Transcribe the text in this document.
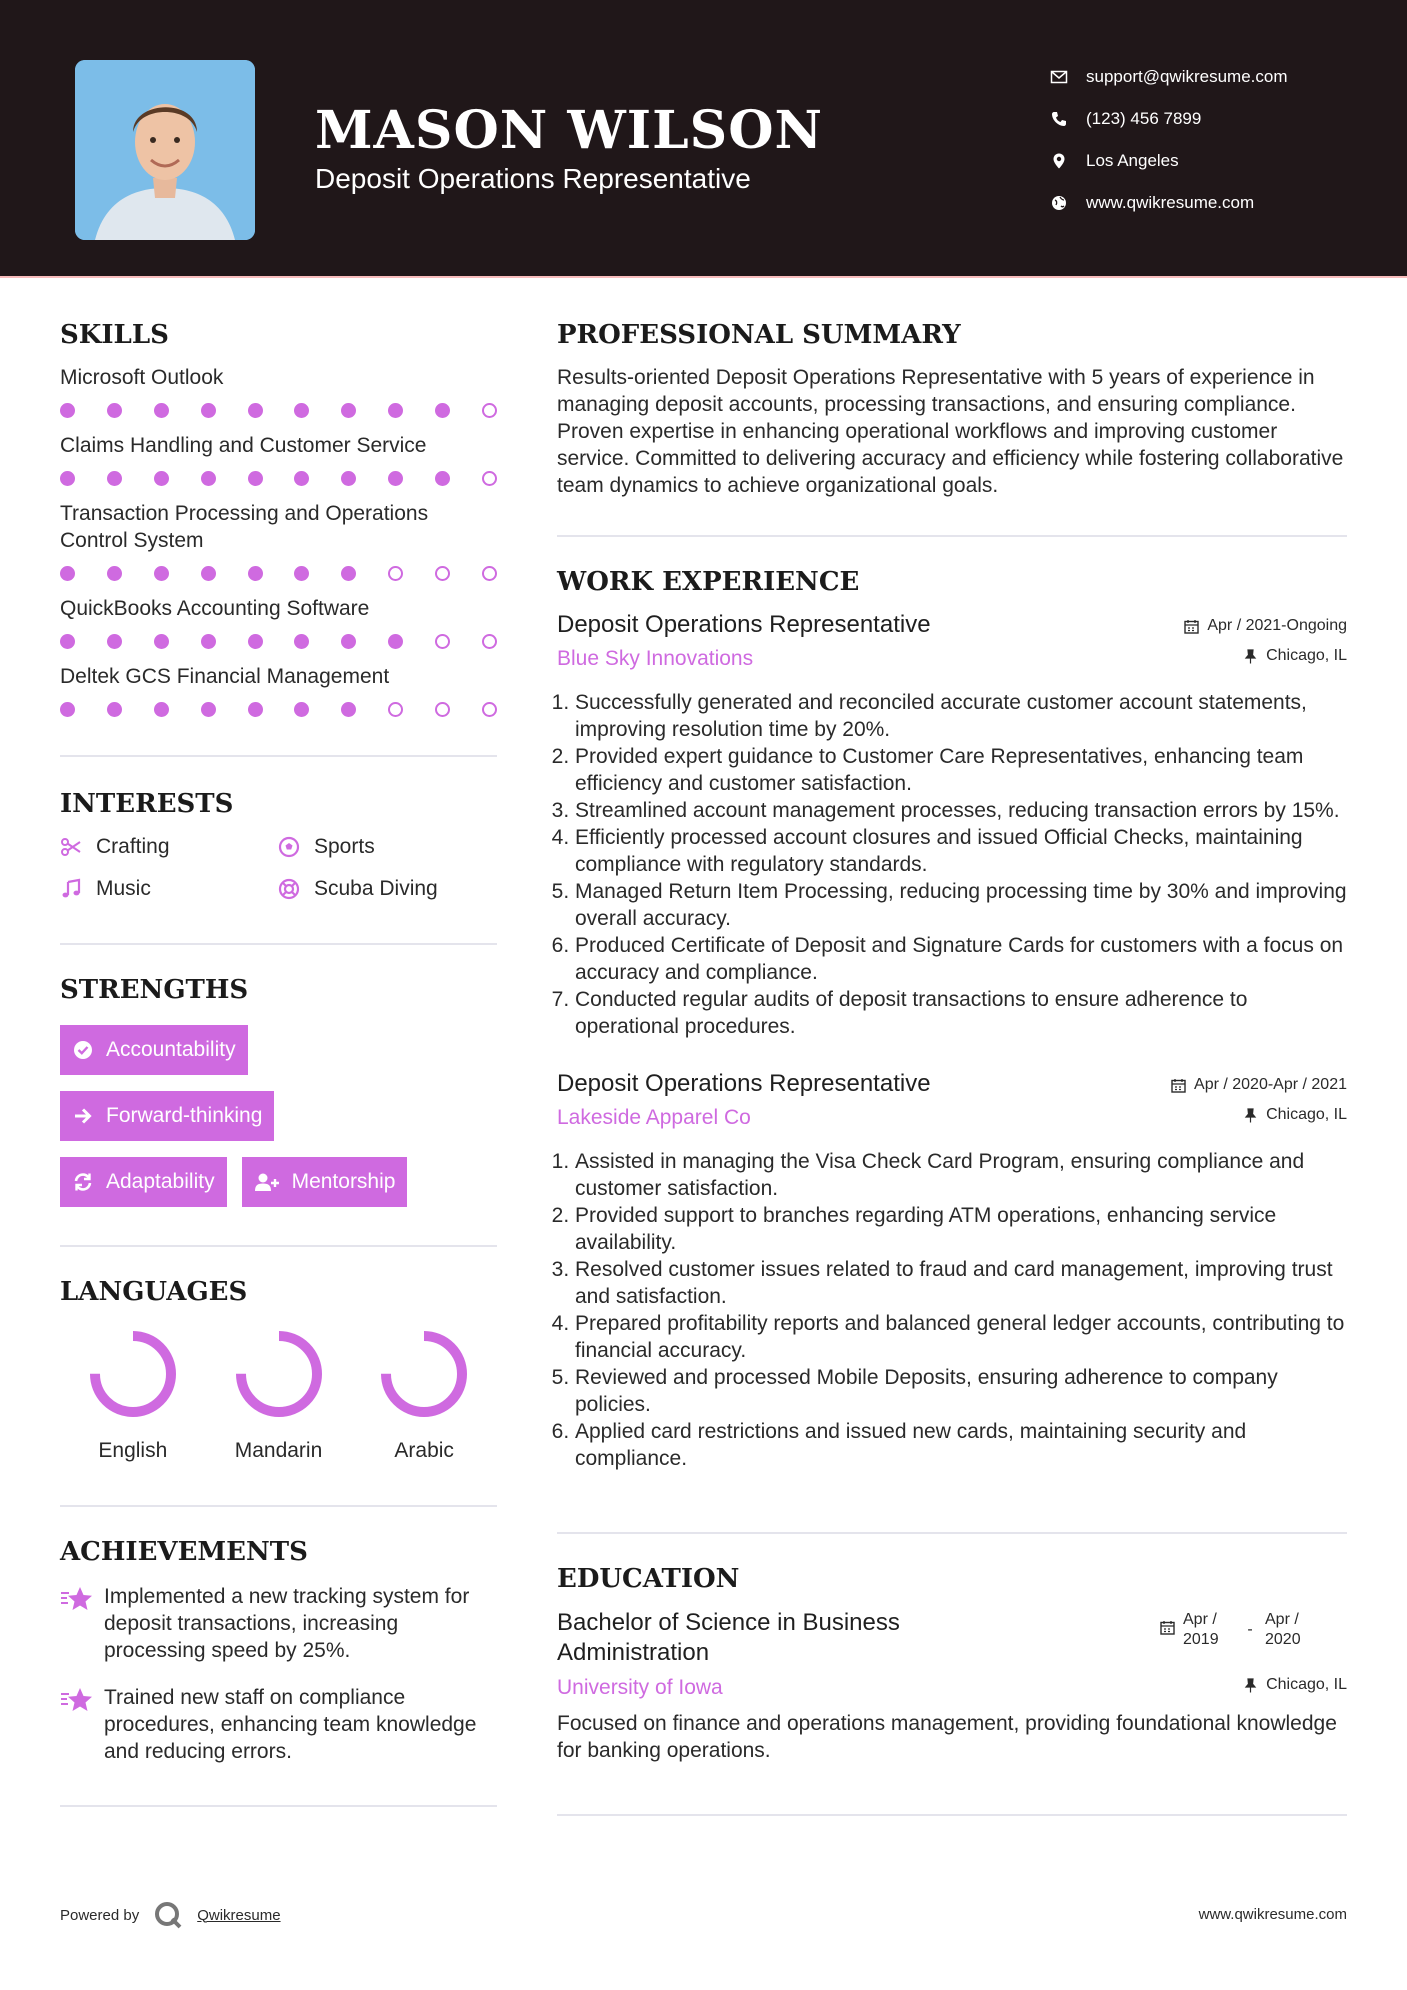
MASON WILSON
Deposit Operations Representative
support@qwikresume.com
(123) 456 7899
Los Angeles
www.qwikresume.com
SKILLS
Microsoft Outlook
Claims Handling and Customer Service
Transaction Processing and Operations Control System
QuickBooks Accounting Software
Deltek GCS Financial Management
INTERESTS
Crafting	Sports
Music	Scuba Diving
STRENGTHS
Accountability
Forward-thinking
Adaptability	Mentorship
LANGUAGES
English	Mandarin	Arabic
ACHIEVEMENTS
Implemented a new tracking system for deposit transactions, increasing processing speed by 25%.
Trained new staff on compliance procedures, enhancing team knowledge and reducing errors.
PROFESSIONAL SUMMARY
Results-oriented Deposit Operations Representative with 5 years of experience in managing deposit accounts, processing transactions, and ensuring compliance. Proven expertise in enhancing operational workflows and improving customer service. Committed to delivering accuracy and efficiency while fostering collaborative team dynamics to achieve organizational goals.
WORK EXPERIENCE
Deposit Operations Representative	Apr / 2021-Ongoing
Blue Sky Innovations	Chicago, IL
1. Successfully generated and reconciled accurate customer account statements, improving resolution time by 20%.
2. Provided expert guidance to Customer Care Representatives, enhancing team efficiency and customer satisfaction.
3. Streamlined account management processes, reducing transaction errors by 15%.
4. Efficiently processed account closures and issued Official Checks, maintaining compliance with regulatory standards.
5. Managed Return Item Processing, reducing processing time by 30% and improving overall accuracy.
6. Produced Certificate of Deposit and Signature Cards for customers with a focus on accuracy and compliance.
7. Conducted regular audits of deposit transactions to ensure adherence to operational procedures.
Deposit Operations Representative	Apr / 2020-Apr / 2021
Lakeside Apparel Co	Chicago, IL
1. Assisted in managing the Visa Check Card Program, ensuring compliance and customer satisfaction.
2. Provided support to branches regarding ATM operations, enhancing service availability.
3. Resolved customer issues related to fraud and card management, improving trust and satisfaction.
4. Prepared profitability reports and balanced general ledger accounts, contributing to financial accuracy.
5. Reviewed and processed Mobile Deposits, ensuring adherence to company policies.
6. Applied card restrictions and issued new cards, maintaining security and compliance.
EDUCATION
Bachelor of Science in Business Administration
Apr / 2019
-
Apr / 2020
University of Iowa	Chicago, IL
Focused on finance and operations management, providing foundational knowledge for banking operations.
Powered by	Qwikresume	www.qwikresume.com
